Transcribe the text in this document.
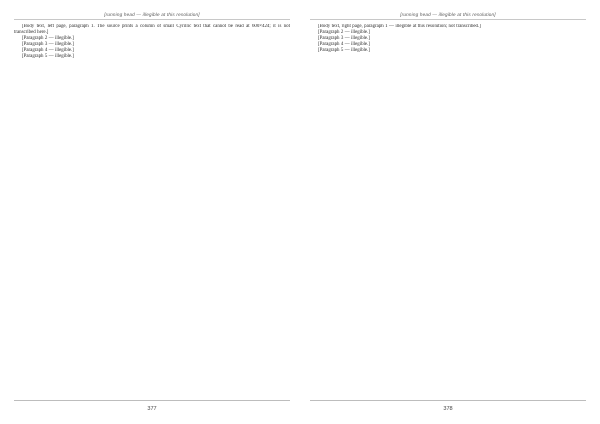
[running head — illegible at this resolution]

[Body text, left page, paragraph 1. The source prints a column of small Cyrillic text that cannot be read at 600×424; it is not transcribed here.]

[Paragraph 2 — illegible.]

[Paragraph 3 — illegible.]

[Paragraph 4 — illegible.]

[Paragraph 5 — illegible.]

377
[running head — illegible at this resolution]

[Body text, right page, paragraph 1 — illegible at this resolution; not transcribed.]

[Paragraph 2 — illegible.]

[Paragraph 3 — illegible.]

[Paragraph 4 — illegible.]

[Paragraph 5 — illegible.]

378
